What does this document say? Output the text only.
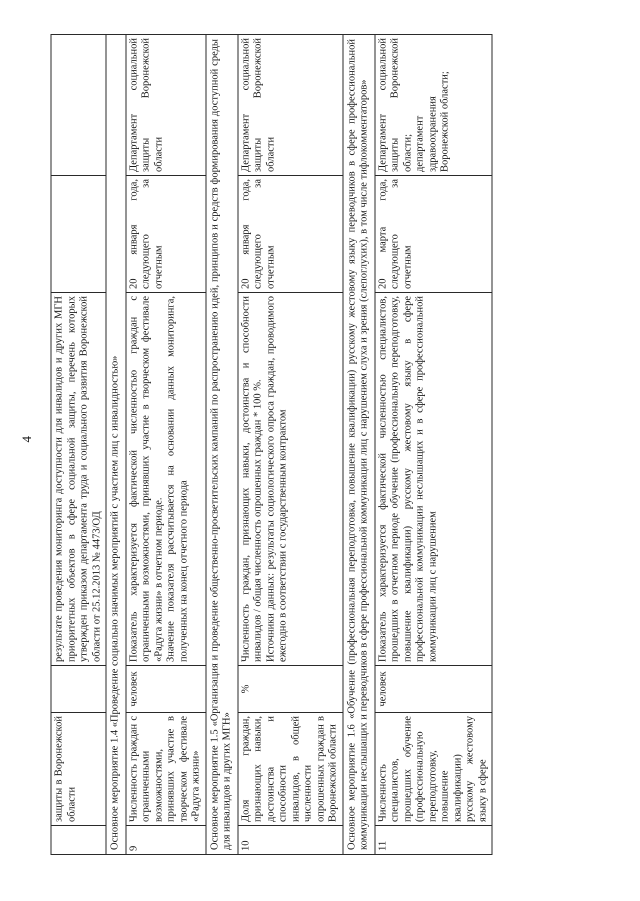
4
	защиты в Воронежской области		результате проведения мониторинга доступности для инвалидов и других МГН приоритетных объектов в сфере социальной защиты, перечень которых утвержден приказом департамента труда и социального развития Воронежской области от 25.12.2013 № 4473/ОД		
Основное мероприятие 1.4 «Проведение социально значимых мероприятий с участием лиц с инвалидностью»					
9	Численность граждан с ограниченными возможностями, принявших участие в творческом фестивале «Радуга жизни»	человек	Показатель характеризуется фактической численностью граждан с ограниченными возможностями, принявших участие в творческом фестивале «Радуга жизни» в отчетном периоде. Значение показателя рассчитывается на основании данных мониторинга, полученных на конец отчетного периода	20 января года, следующего за отчетным	Департамент социальной защиты Воронежской области
Основное мероприятие 1.5 «Организация и проведение общественно-просветительских кампаний по распространению идей, принципов и средств формирования доступной среды для инвалидов и других МГН»					
10	Доля граждан, признающих навыки, достоинства и способности инвалидов, в общей численности опрошенных граждан в Воронежской области	%	Численность граждан, признающих навыки, достоинства и способности инвалидов / общая численность опрошенных граждан * 100 %. Источники данных: результаты социологического опроса граждан, проводимого ежегодно в соответствии с государственным контрактом	20 января года, следующего за отчетным	Департамент социальной защиты Воронежской области
Основное мероприятие 1.6 «Обучение (профессиональная переподготовка, повышение квалификации) русскому жестовому языку переводчиков в сфере профессиональной коммуникации неслышащих и переводчиков в сфере профессиональной коммуникации лиц с нарушением слуха и зрения (слепоглухих), в том числе тифлокомментаторов»					
11	Численность специалистов, прошедших обучение (профессиональную переподготовку, повышение квалификации) русскому жестовому языку в сфере	человек	Показатель характеризуется фактической численностью специалистов, прошедших в отчетном периоде обучение (профессиональную переподготовку, повышение квалификации) русскому жестовому языку в сфере профессиональной коммуникации неслышащих и в сфере профессиональной коммуникации лиц с нарушением	20 марта года, следующего за отчетным	Департамент социальной защиты Воронежской области; департамент здравоохранения Воронежской области;
